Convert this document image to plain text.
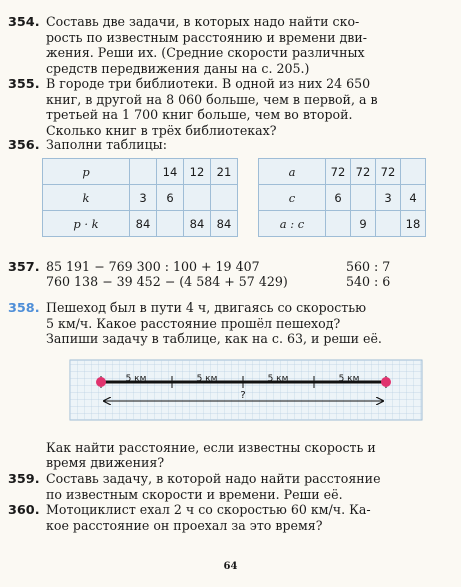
354. Составь две задачи, в которых надо найти ско-
рость по известным расстоянию и времени дви-
жения. Реши их. (Средние скорости различных
средств передвижения даны на с. 205.)
355. В городе три библиотеки. В одной из них 24 650
книг, в другой на 8 060 больше, чем в первой, а в
третьей на 1 700 книг больше, чем во второй.
Сколько книг в трёх библиотеках?
356. Заполни таблицы:
p		14	12	21
k	3	6		
p · k	84		84	84
a	72	72	72	
c	6		3	4
a : c		9		18
357. 85 191 − 769 300 : 100 + 19 407
760 138 − 39 452 − (4 584 + 57 429)
560 : 7
540 : 6
358. Пешеход был в пути 4 ч, двигаясь со скоростью
5 км/ч. Какое расстояние прошёл пешеход?
Запиши задачу в таблице, как на с. 63, и реши её.
?
5 км	5 км	5 км	5 км
Как найти расстояние, если известны скорость и
время движения?
359. Составь задачу, в которой надо найти расстояние
по известным скорости и времени. Реши её.
360. Мотоциклист ехал 2 ч со скоростью 60 км/ч. Ка-
кое расстояние он проехал за это время?
64
